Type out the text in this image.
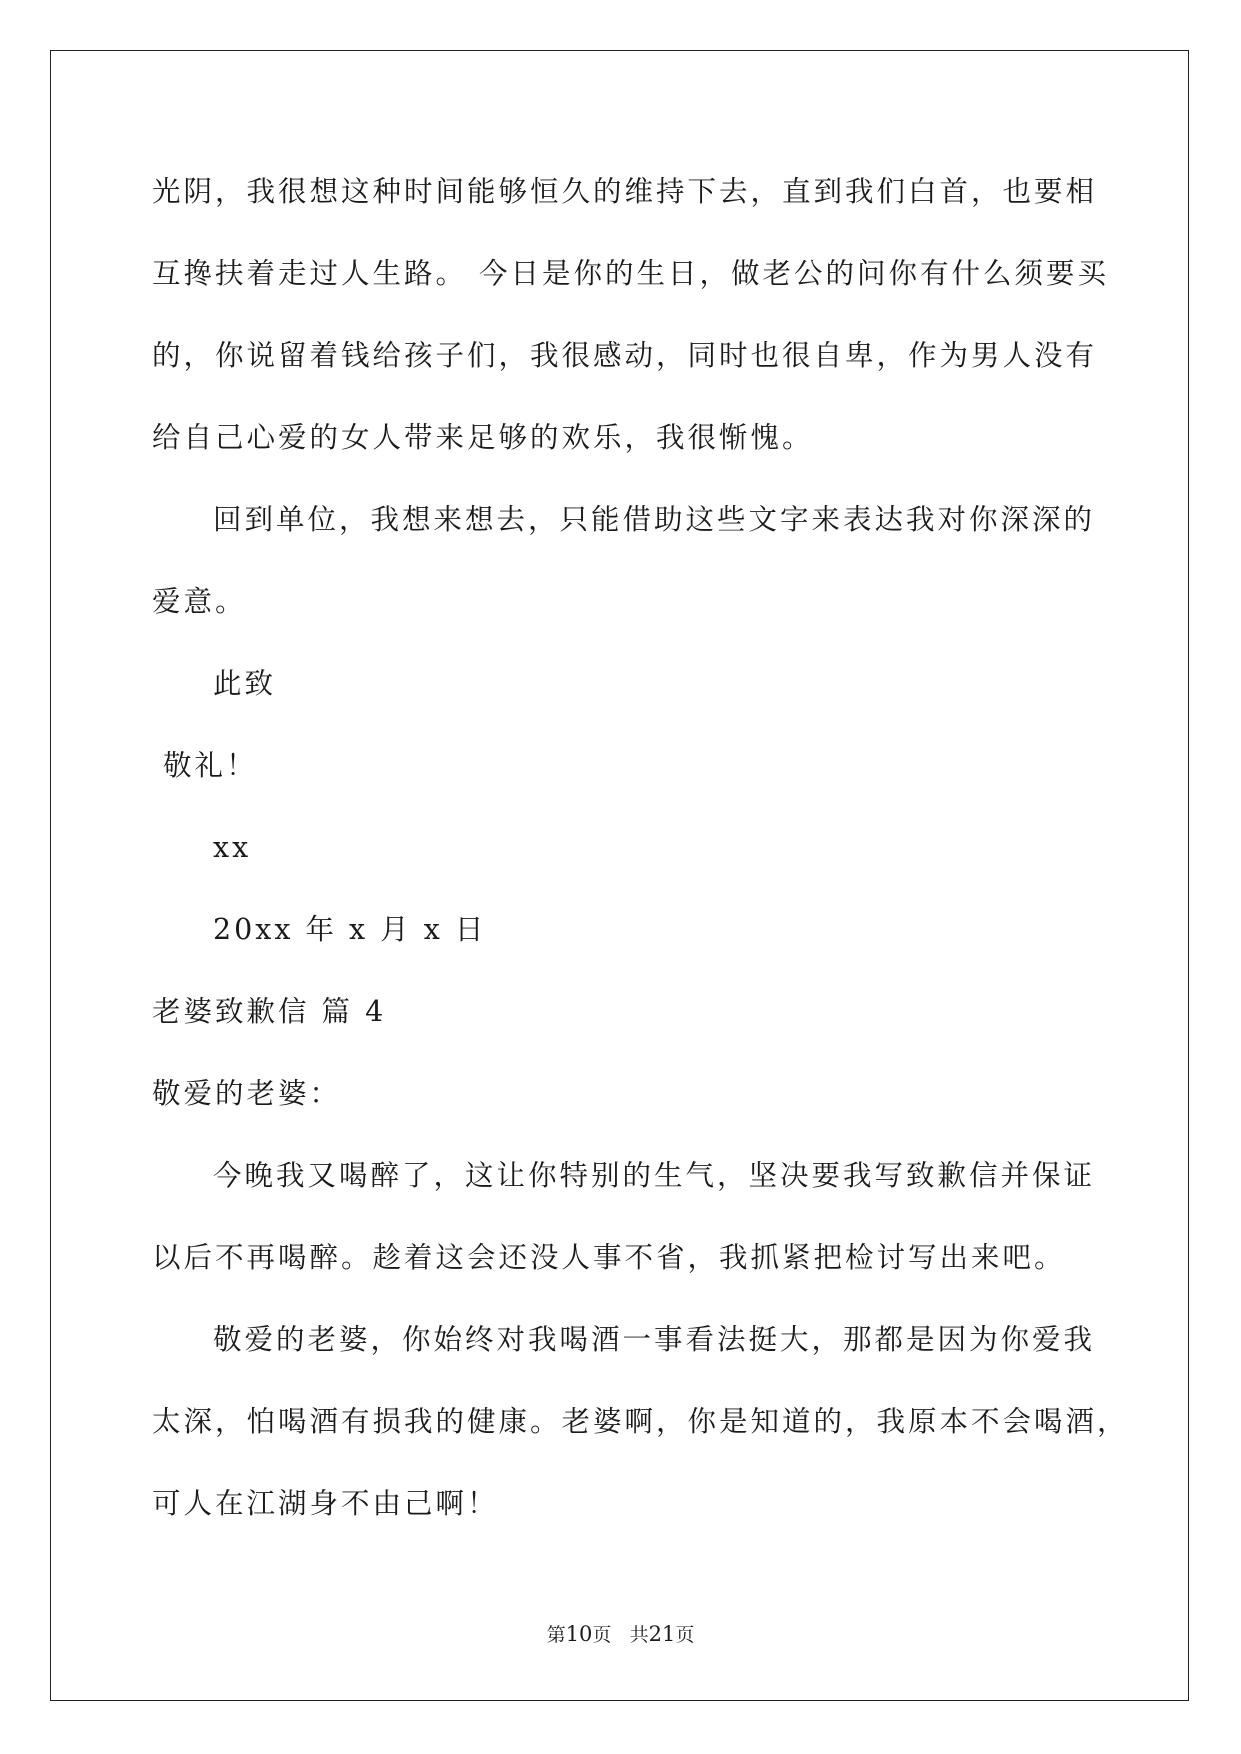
光阴，我很想这种时间能够恒久的维持下去，直到我们白首，也要相
互搀扶着走过人生路。 今日是你的生日，做老公的问你有什么须要买
的，你说留着钱给孩子们，我很感动，同时也很自卑，作为男人没有
给自己心爱的女人带来足够的欢乐，我很惭愧。
回到单位，我想来想去，只能借助这些文字来表达我对你深深的
爱意。
此致
敬礼！
xx
20xx 年 x 月 x 日
老婆致歉信 篇 4
敬爱的老婆：
今晚我又喝醉了，这让你特别的生气，坚决要我写致歉信并保证
以后不再喝醉。趁着这会还没人事不省，我抓紧把检讨写出来吧。
敬爱的老婆，你始终对我喝酒一事看法挺大，那都是因为你爱我
太深，怕喝酒有损我的健康。老婆啊，你是知道的，我原本不会喝酒，
可人在江湖身不由己啊！
第10页 共21页
